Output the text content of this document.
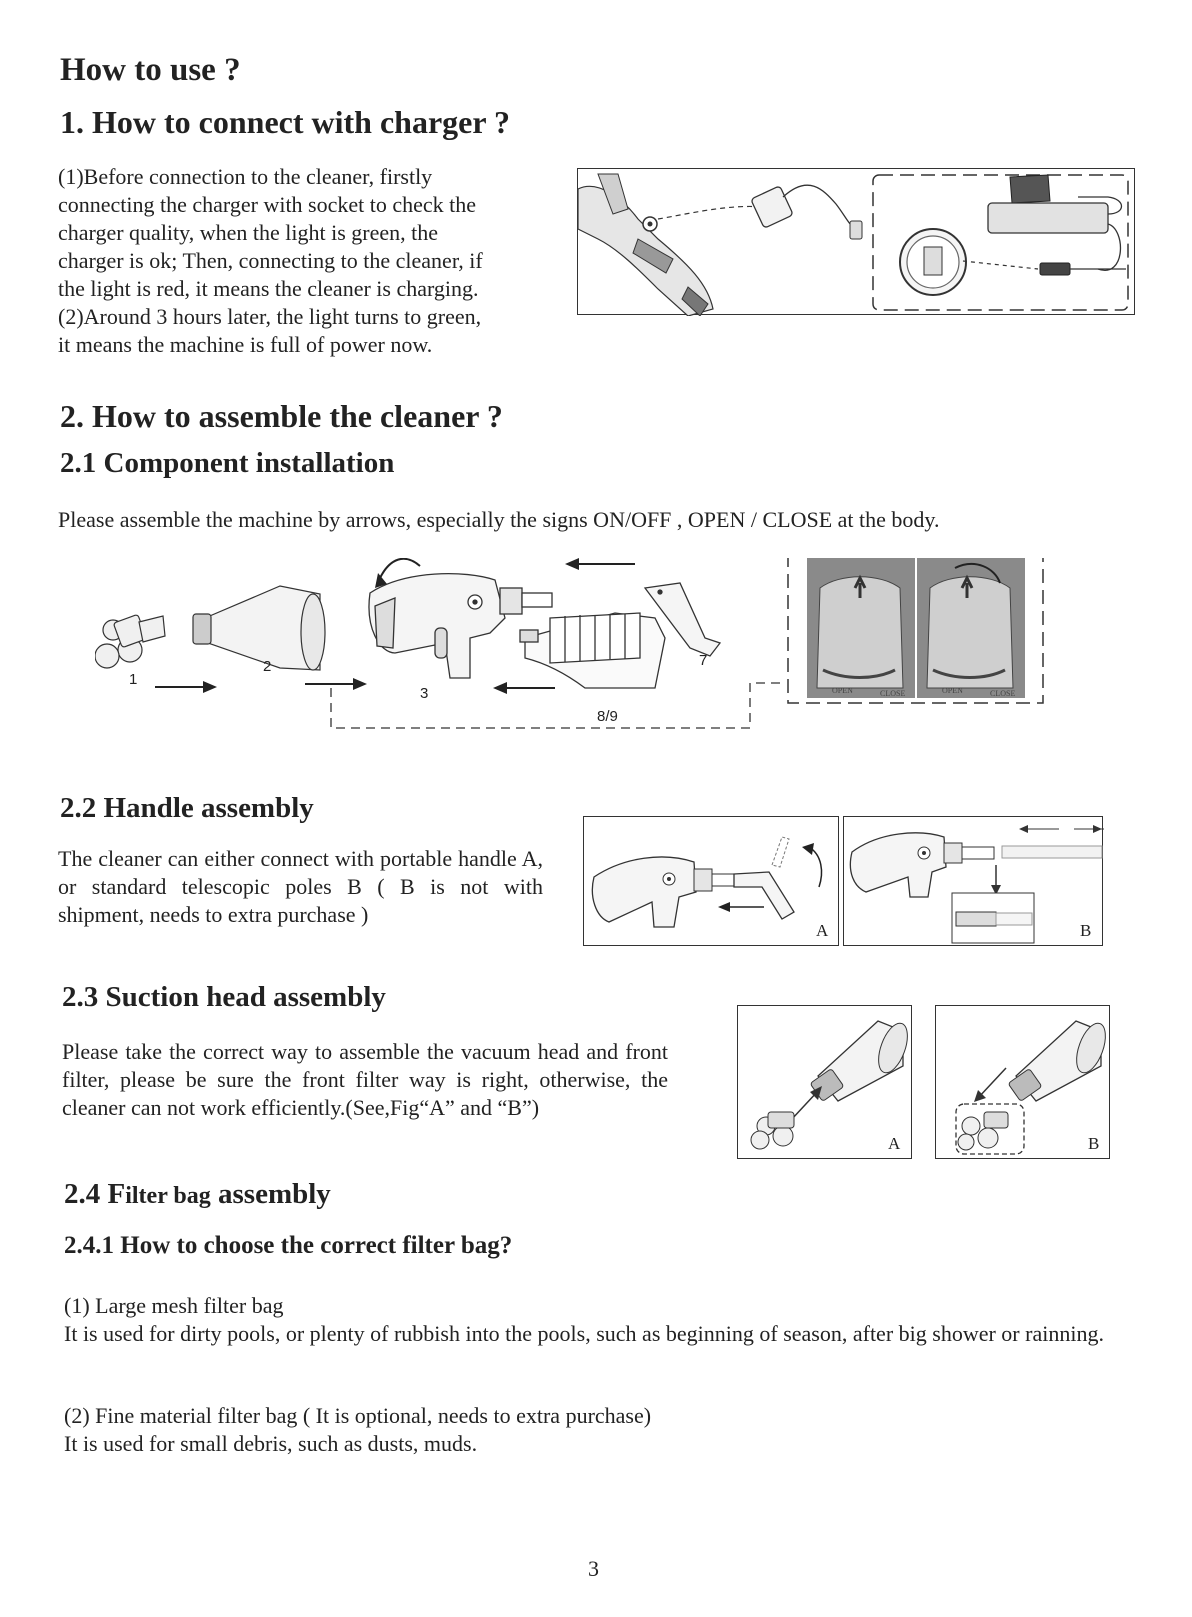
How to use ?
1. How to connect with charger ?
(1)Before connection to the cleaner, firstly
connecting the charger with socket to check the
charger quality, when the light is green, the
charger is ok; Then, connecting to the cleaner, if
the light is red, it means the cleaner is charging.
(2)Around 3 hours later, the light turns to green,
it means the machine is full of power now.
2. How to assemble the cleaner ?
2.1 Component installation
Please assemble the machine by arrows, especially the signs ON/OFF , OPEN / CLOSE at the body.
1
2
3
7
8/9
OPEN	CLOSE	OPEN	CLOSE
2.2 Handle assembly
The cleaner can either connect with portable handle A, or standard telescopic poles B ( B is not with shipment, needs to extra purchase )
A	B
2.3 Suction head assembly
Please take the correct way to assemble the vacuum head and front filter, please be sure the front filter way is right, otherwise, the cleaner can not work efficiently.(See,Fig“A” and “B”)
A	B
2.4 Filter bag assembly
2.4.1 How to choose the correct filter bag?
(1) Large mesh filter bag
It is used for dirty pools, or plenty of rubbish into the pools, such as beginning of season, after big shower or rainning.
(2) Fine material filter bag ( It is optional, needs to extra purchase)
It is used for small debris, such as dusts, muds.
3
